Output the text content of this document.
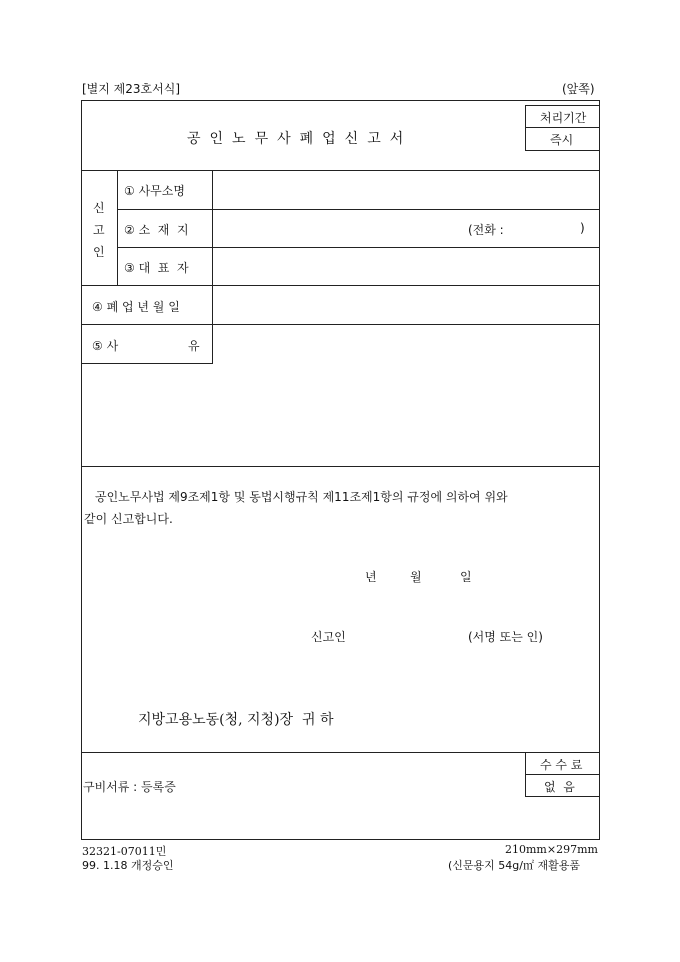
[별지 제23호서식]	(앞쪽)
공인노무사폐업신고서
처리기간
즉시
신
고
인
① 사무소명
② 소  재  지	(전화 :	)
③ 대  표  자
④ 폐 업 년 월 일
⑤ 사	유
공인노무사법 제9조제1항 및 동법시행규칙 제11조제1항의 규정에 의하여 위와
같이 신고합니다.
년	월	일
신고인	(서명 또는 인)
지방고용노동(청, 지청)장  귀 하
수 수 료
없  음
구비서류 : 등록증
32321-07011민
99. 1.18 개정승인
210mm×297mm
(신문용지 54g/㎡ 재활용품
